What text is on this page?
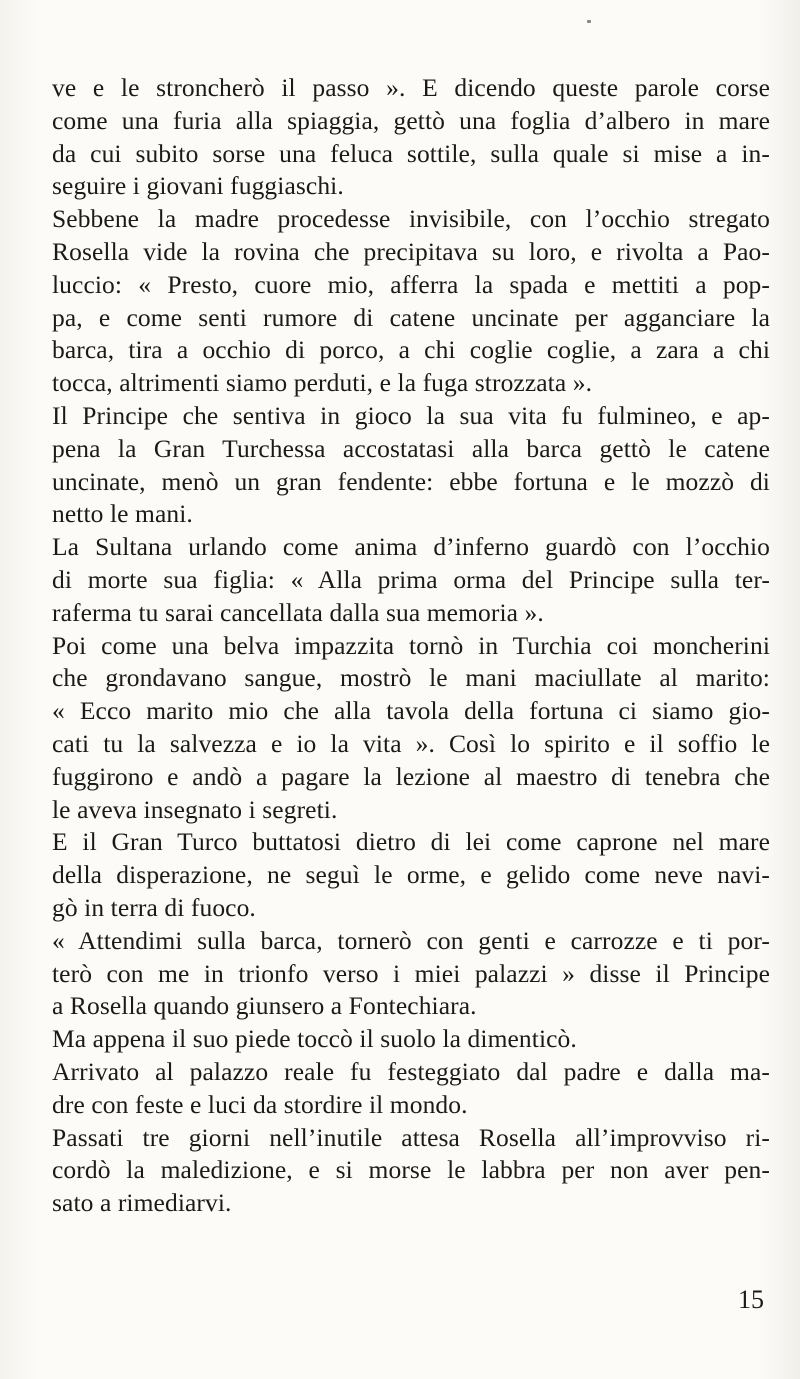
ve e le stroncherò il passo ». E dicendo queste parole corse
come una furia alla spiaggia, gettò una foglia d’albero in mare
da cui subito sorse una feluca sottile, sulla quale si mise a in-
seguire i giovani fuggiaschi.
Sebbene la madre procedesse invisibile, con l’occhio stregato
Rosella vide la rovina che precipitava su loro, e rivolta a Pao-
luccio: « Presto, cuore mio, afferra la spada e mettiti a pop-
pa, e come senti rumore di catene uncinate per agganciare la
barca, tira a occhio di porco, a chi coglie coglie, a zara a chi
tocca, altrimenti siamo perduti, e la fuga strozzata ».
Il Principe che sentiva in gioco la sua vita fu fulmineo, e ap-
pena la Gran Turchessa accostatasi alla barca gettò le catene
uncinate, menò un gran fendente: ebbe fortuna e le mozzò di
netto le mani.
La Sultana urlando come anima d’inferno guardò con l’occhio
di morte sua figlia: « Alla prima orma del Principe sulla ter-
raferma tu sarai cancellata dalla sua memoria ».
Poi come una belva impazzita tornò in Turchia coi moncherini
che grondavano sangue, mostrò le mani maciullate al marito:
« Ecco marito mio che alla tavola della fortuna ci siamo gio-
cati tu la salvezza e io la vita ». Così lo spirito e il soffio le
fuggirono e andò a pagare la lezione al maestro di tenebra che
le aveva insegnato i segreti.
E il Gran Turco buttatosi dietro di lei come caprone nel mare
della disperazione, ne seguì le orme, e gelido come neve navi-
gò in terra di fuoco.
« Attendimi sulla barca, tornerò con genti e carrozze e ti por-
terò con me in trionfo verso i miei palazzi » disse il Principe
a Rosella quando giunsero a Fontechiara.
Ma appena il suo piede toccò il suolo la dimenticò.
Arrivato al palazzo reale fu festeggiato dal padre e dalla ma-
dre con feste e luci da stordire il mondo.
Passati tre giorni nell’inutile attesa Rosella all’improvviso ri-
cordò la maledizione, e si morse le labbra per non aver pen-
sato a rimediarvi.
15
